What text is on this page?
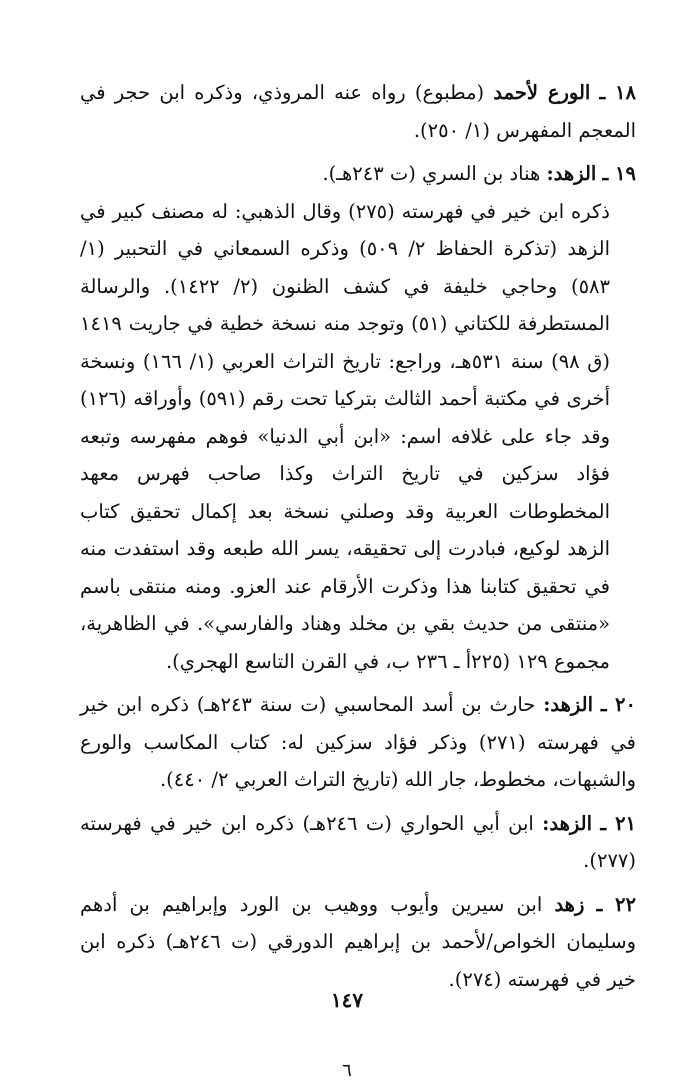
١٨ ـ الورع لأحمد (مطبوع) رواه عنه المروذي، وذكره ابن حجر في المعجم المفهرس (١/ ٢٥٠).
١٩ ـ الزهد: هناد بن السري (ت ٢٤٣هـ).
ذكره ابن خير في فهرسته (٢٧٥) وقال الذهبي: له مصنف كبير في الزهد (تذكرة الحفاظ ٢/ ٥٠٩) وذكره السمعاني في التحبير (١/ ٥٨٣) وحاجي خليفة في كشف الظنون (٢/ ١٤٢٢). والرسالة المستطرفة للكتاني (٥١) وتوجد منه نسخة خطية في جاريت ١٤١٩ (ق ٩٨) سنة ٥٣١هـ، وراجع: تاريخ التراث العربي (١/ ١٦٦) ونسخة أخرى في مكتبة أحمد الثالث بتركيا تحت رقم (٥٩١) وأوراقه (١٢٦) وقد جاء على غلافه اسم: «ابن أبي الدنيا» فوهم مفهرسه وتبعه فؤاد سزكين في تاريخ التراث وكذا صاحب فهرس معهد المخطوطات العربية وقد وصلني نسخة بعد إكمال تحقيق كتاب الزهد لوكيع، فبادرت إلى تحقيقه، يسر الله طبعه وقد استفدت منه في تحقيق كتابنا هذا وذكرت الأرقام عند العزو. ومنه منتقى باسم «منتقى من حديث بقي بن مخلد وهناد والفارسي». في الظاهرية، مجموع ١٢٩ (٢٢٥أ ـ ٢٣٦ ب، في القرن التاسع الهجري).
٢٠ ـ الزهد: حارث بن أسد المحاسبي (ت سنة ٢٤٣هـ) ذكره ابن خير في فهرسته (٢٧١) وذكر فؤاد سزكين له: كتاب المكاسب والورع والشبهات، مخطوط، جار الله (تاريخ التراث العربي ٢/ ٤٤٠).
٢١ ـ الزهد: ابن أبي الحواري (ت ٢٤٦هـ) ذكره ابن خير في فهرسته (٢٧٧).
٢٢ ـ زهد ابن سيرين وأيوب ووهيب بن الورد وإبراهيم بن أدهم وسليمان الخواص/لأحمد بن إبراهيم الدورقي (ت ٢٤٦هـ) ذكره ابن خير في فهرسته (٢٧٤).
١٤٧
٦
